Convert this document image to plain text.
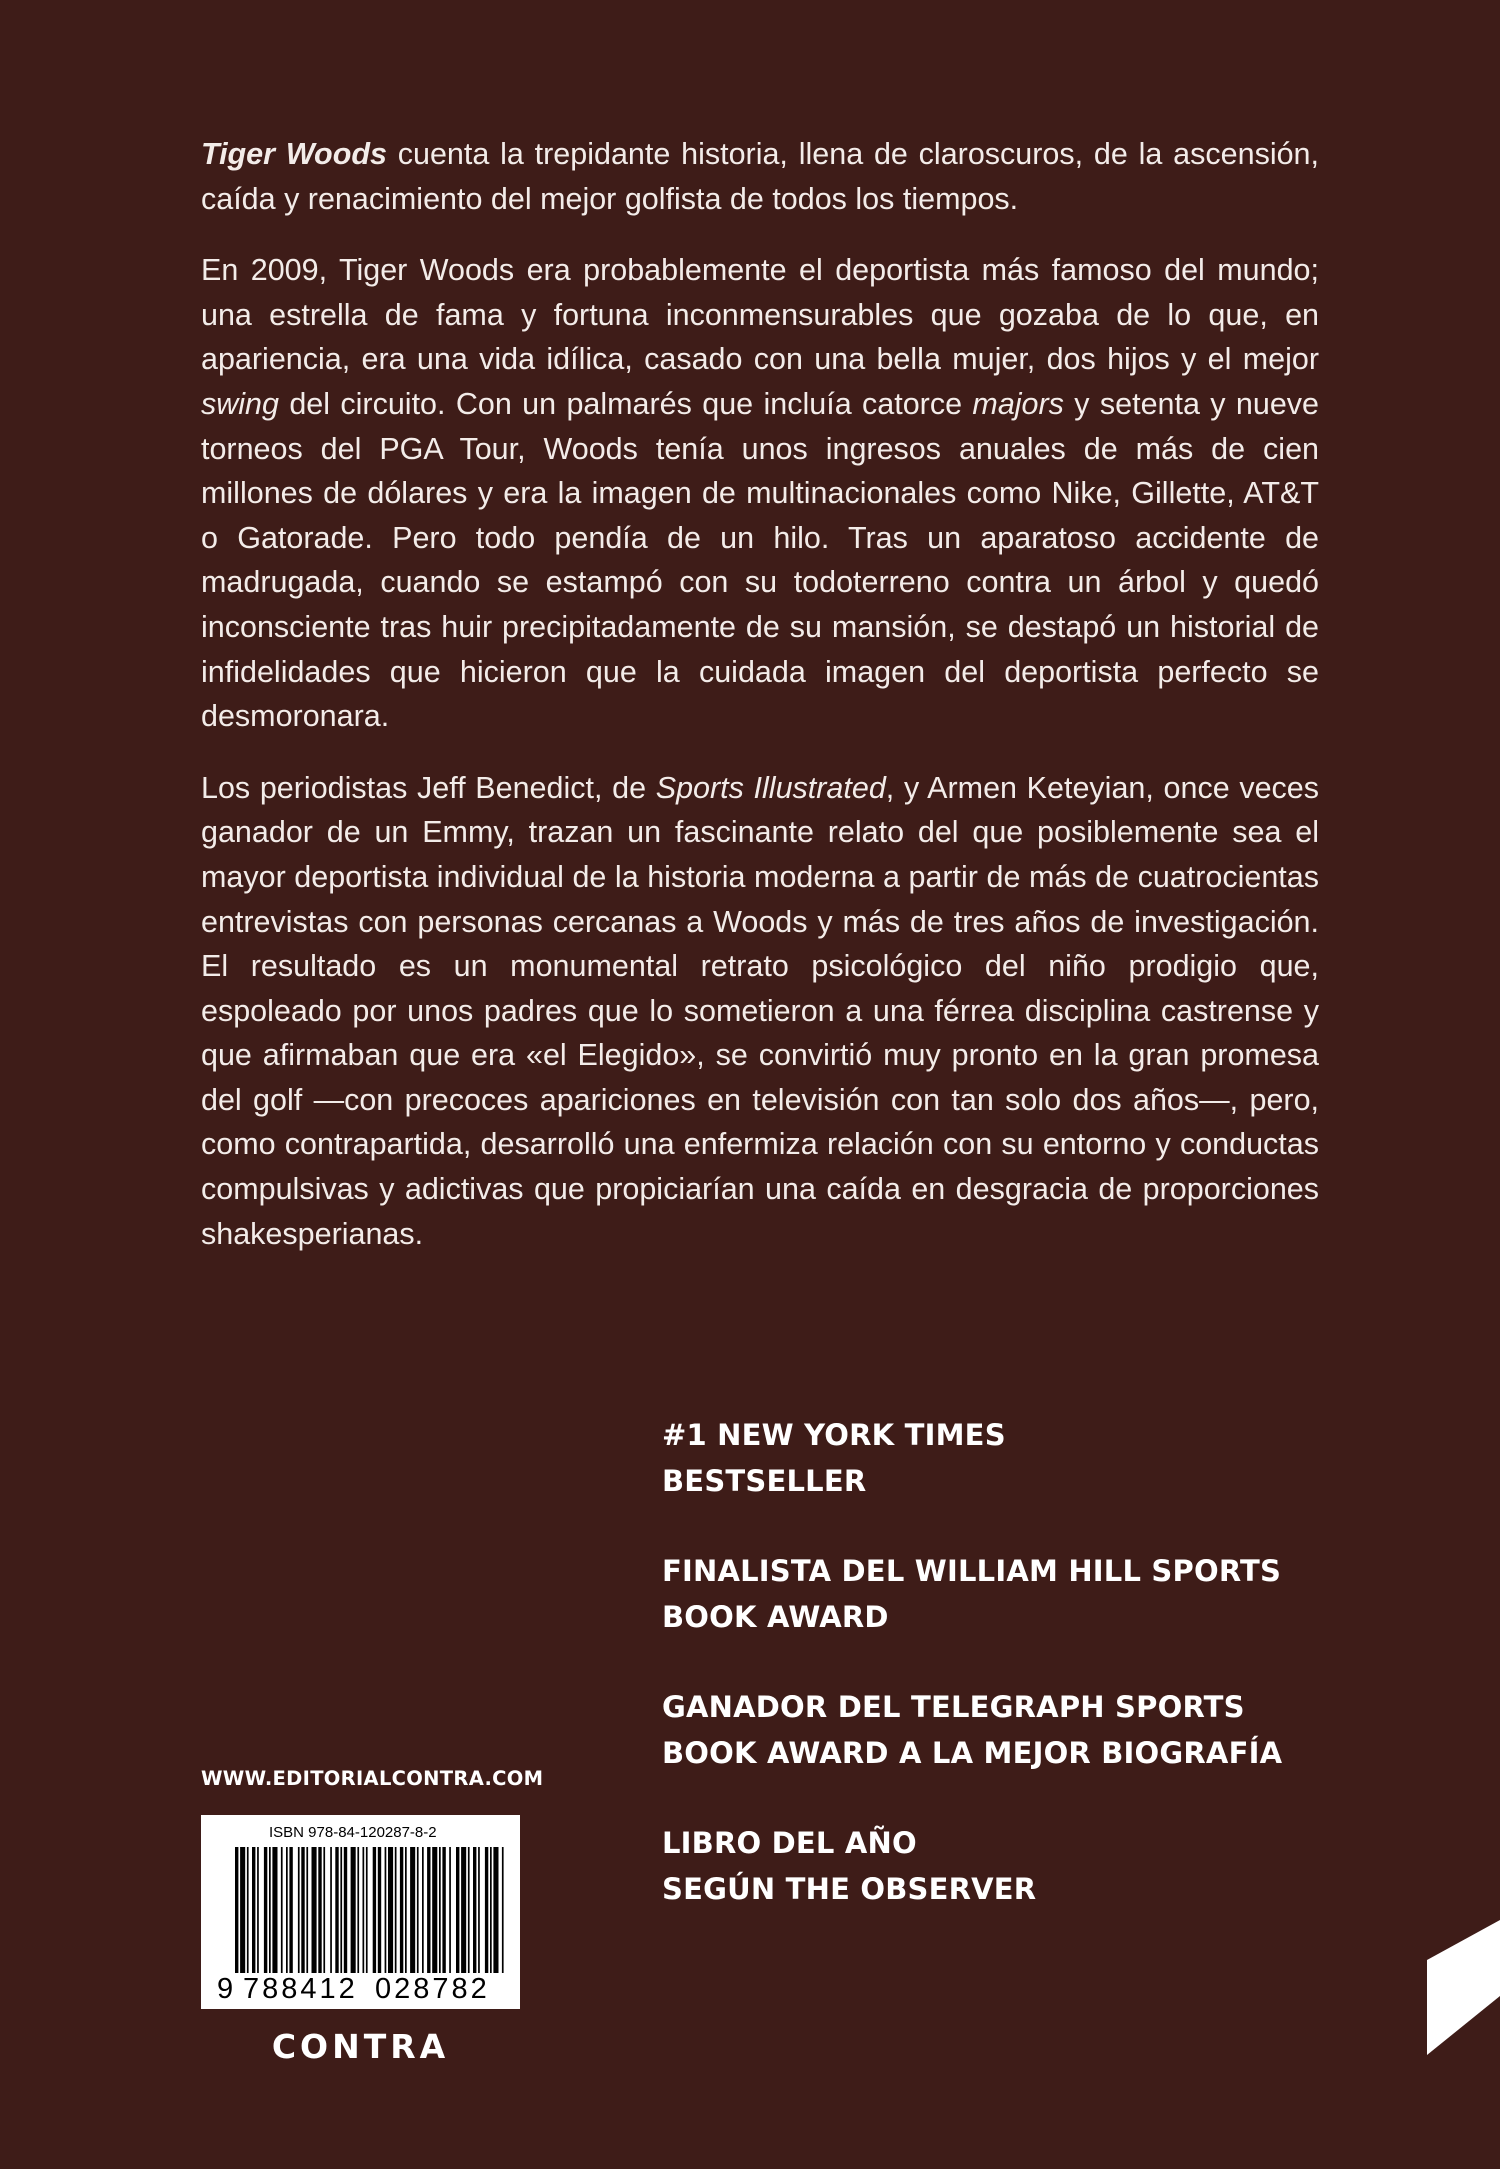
Tiger Woods cuenta la trepidante historia, llena de claroscuros, de la ascensión, caída y renacimiento del mejor golfista de todos los tiempos.

En 2009, Tiger Woods era probablemente el deportista más famoso del mundo; una estrella de fama y fortuna inconmensurables que gozaba de lo que, en apariencia, era una vida idílica, casado con una bella mujer, dos hijos y el mejor swing del circuito. Con un palmarés que incluía catorce majors y setenta y nueve torneos del PGA Tour, Woods tenía unos ingresos anuales de más de cien millones de dólares y era la imagen de multinacionales como Nike, Gillette, AT&T o Gatorade. Pero todo pendía de un hilo. Tras un aparatoso accidente de madrugada, cuando se estampó con su todoterreno contra un árbol y quedó inconsciente tras huir precipitadamente de su mansión, se destapó un historial de infidelidades que hicieron que la cuidada imagen del deportista perfecto se desmoronara.

Los periodistas Jeff Benedict, de Sports Illustrated, y Armen Keteyian, once veces ganador de un Emmy, trazan un fascinante relato del que posiblemente sea el mayor deportista individual de la historia moderna a partir de más de cuatrocientas entrevistas con personas cercanas a Woods y más de tres años de investigación. El resultado es un monumental retrato psicológico del niño prodigio que, espoleado por unos padres que lo sometieron a una férrea disciplina castrense y que afirmaban que era «el Elegido», se convirtió muy pronto en la gran promesa del golf —con precoces apariciones en televisión con tan solo dos años—, pero, como contrapartida, desarrolló una enfermiza relación con su entorno y conductas compulsivas y adictivas que propiciarían una caída en desgracia de proporciones shakesperianas.

#1 NEW YORK TIMES
BESTSELLER
FINALISTA DEL WILLIAM HILL SPORTS
BOOK AWARD
GANADOR DEL TELEGRAPH SPORTS
BOOK AWARD A LA MEJOR BIOGRAFÍA
LIBRO DEL AÑO
SEGÚN THE OBSERVER
WWW.EDITORIALCONTRA.COM
ISBN 978-84-120287-8-2
9 788412 028782
CONTRA
